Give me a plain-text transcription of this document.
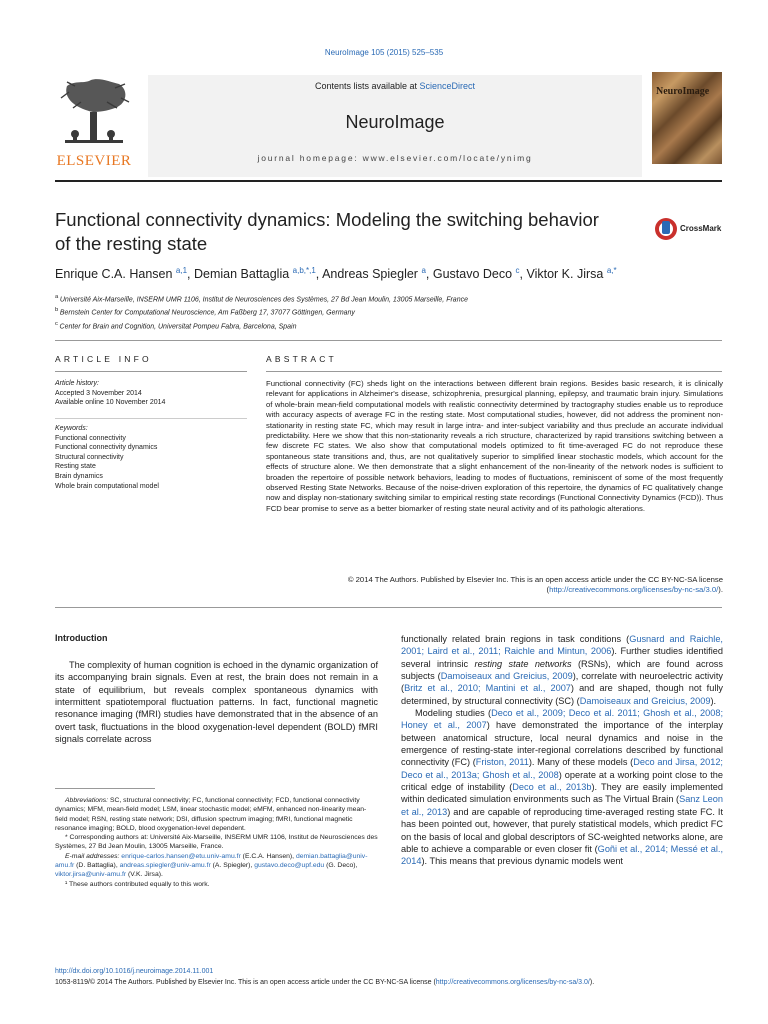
NeuroImage 105 (2015) 525–535
ELSEVIER
Contents lists available at ScienceDirect
NeuroImage
journal homepage: www.elsevier.com/locate/ynimg
NeuroImage
Functional connectivity dynamics: Modeling the switching behavior of the resting state
CrossMark
Enrique C.A. Hansen $^{a,1}$, Demian Battaglia $^{a,b,*,1}$, Andreas Spiegler $^a$, Gustavo Deco $^c$, Viktor K. Jirsa $^{a,*}$
$^a$ Université Aix-Marseille, INSERM UMR 1106, Institut de Neurosciences des Systèmes, 27 Bd Jean Moulin, 13005 Marseille, France
$^b$ Bernstein Center for Computational Neuroscience, Am Faßberg 17, 37077 Göttingen, Germany
$^c$ Center for Brain and Cognition, Universitat Pompeu Fabra, Barcelona, Spain
ARTICLE INFO	ABSTRACT
Article history:
Accepted 3 November 2014
Available online 10 November 2014
Keywords:
Functional connectivity
Functional connectivity dynamics
Structural connectivity
Resting state
Brain dynamics
Whole brain computational model
Functional connectivity (FC) sheds light on the interactions between different brain regions. Besides basic research, it is clinically relevant for applications in Alzheimer's disease, schizophrenia, presurgical planning, epilepsy, and traumatic brain injury. Simulations of whole-brain mean-field computational models with realistic connectivity determined by tractography studies enable us to reproduce with accuracy aspects of average FC in the resting state. Most computational studies, however, did not address the prominent non-stationarity in resting state FC, which may result in large intra- and inter-subject variability and thus preclude an accurate individual predictability. Here we show that this non-stationarity reveals a rich structure, characterized by rapid transitions switching between a few discrete FC states. We also show that computational models optimized to fit time-averaged FC do not reproduce these spontaneous state transitions and, thus, are not qualitatively superior to simplified linear stochastic models, which account for the effects of structure alone. We then demonstrate that a slight enhancement of the non-linearity of the network nodes is sufficient to broaden the repertoire of possible network behaviors, leading to modes of fluctuations, reminiscent of some of the most frequently observed Resting State Networks. Because of the noise-driven exploration of this repertoire, the dynamics of FC qualitatively change now and display non-stationary switching similar to empirical resting state recordings (Functional Connectivity Dynamics (FCD)). Thus FCD bear promise to serve as a better biomarker of resting state neural activity and of its pathologic alterations.
© 2014 The Authors. Published by Elsevier Inc. This is an open access article under the CC BY-NC-SA license
(http://creativecommons.org/licenses/by-nc-sa/3.0/).
Introduction
The complexity of human cognition is echoed in the dynamic organization of its accompanying brain signals. Even at rest, the brain does not remain in a state of equilibrium, but reveals complex spontaneous dynamics with intermittent spatiotemporal fluctuation patterns. In fact, functional magnetic resonance imaging (fMRI) studies have demonstrated that in the absence of an overt task, fluctuations in the blood oxygenation-level dependent (BOLD) fMRI signals correlate across
functionally related brain regions in task conditions (Gusnard and Raichle, 2001; Laird et al., 2011; Raichle and Mintun, 2006). Further studies identified several intrinsic resting state networks (RSNs), which are found across subjects (Damoiseaux and Greicius, 2009), correlate with neuroelectric activity (Britz et al., 2010; Mantini et al., 2007) and are shaped, though not fully determined, by structural connectivity (SC) (Damoiseaux and Greicius, 2009).
Modeling studies (Deco et al., 2009; Deco et al. 2011; Ghosh et al., 2008; Honey et al., 2007) have demonstrated the importance of the interplay between anatomical structure, local neural dynamics and noise in the emergence of resting-state inter-regional correlations described by functional connectivity (FC) (Friston, 2011). Many of these models (Deco and Jirsa, 2012; Deco et al., 2013a; Ghosh et al., 2008) operate at a working point close to the critical edge of instability (Deco et al., 2013b). They are easily implemented within dedicated simulation environments such as The Virtual Brain (Sanz Leon et al., 2013) and are capable of reproducing time-averaged resting state FC. It has been pointed out, however, that purely statistical models, which predict FC on the basis of local and global descriptors of SC-weighted networks alone, are able to achieve a comparable or even closer fit (Goñi et al., 2014; Messé et al., 2014). This means that previous dynamic models went
Abbreviations: SC, structural connectivity; FC, functional connectivity; FCD, functional connectivity dynamics; MFM, mean-field model; LSM, linear stochastic model; eMFM, enhanced non-linearity mean-field model; RSN, resting state network; DSI, diffusion spectrum imaging; fMRI, functional magnetic resonance imaging; BOLD, blood oxygenation-level dependent.
* Corresponding authors at: Université Aix-Marseille, INSERM UMR 1106, Institut de Neurosciences des Systèmes, 27 Bd Jean Moulin, 13005 Marseille, France.
E-mail addresses: enrique-carlos.hansen@etu.univ-amu.fr (E.C.A. Hansen), demian.battaglia@univ-amu.fr (D. Battaglia), andreas.spiegler@univ-amu.fr (A. Spiegler), gustavo.deco@upf.edu (G. Deco), viktor.jirsa@univ-amu.fr (V.K. Jirsa).
¹ These authors contributed equally to this work.
http://dx.doi.org/10.1016/j.neuroimage.2014.11.001
1053-8119/© 2014 The Authors. Published by Elsevier Inc. This is an open access article under the CC BY-NC-SA license (http://creativecommons.org/licenses/by-nc-sa/3.0/).
